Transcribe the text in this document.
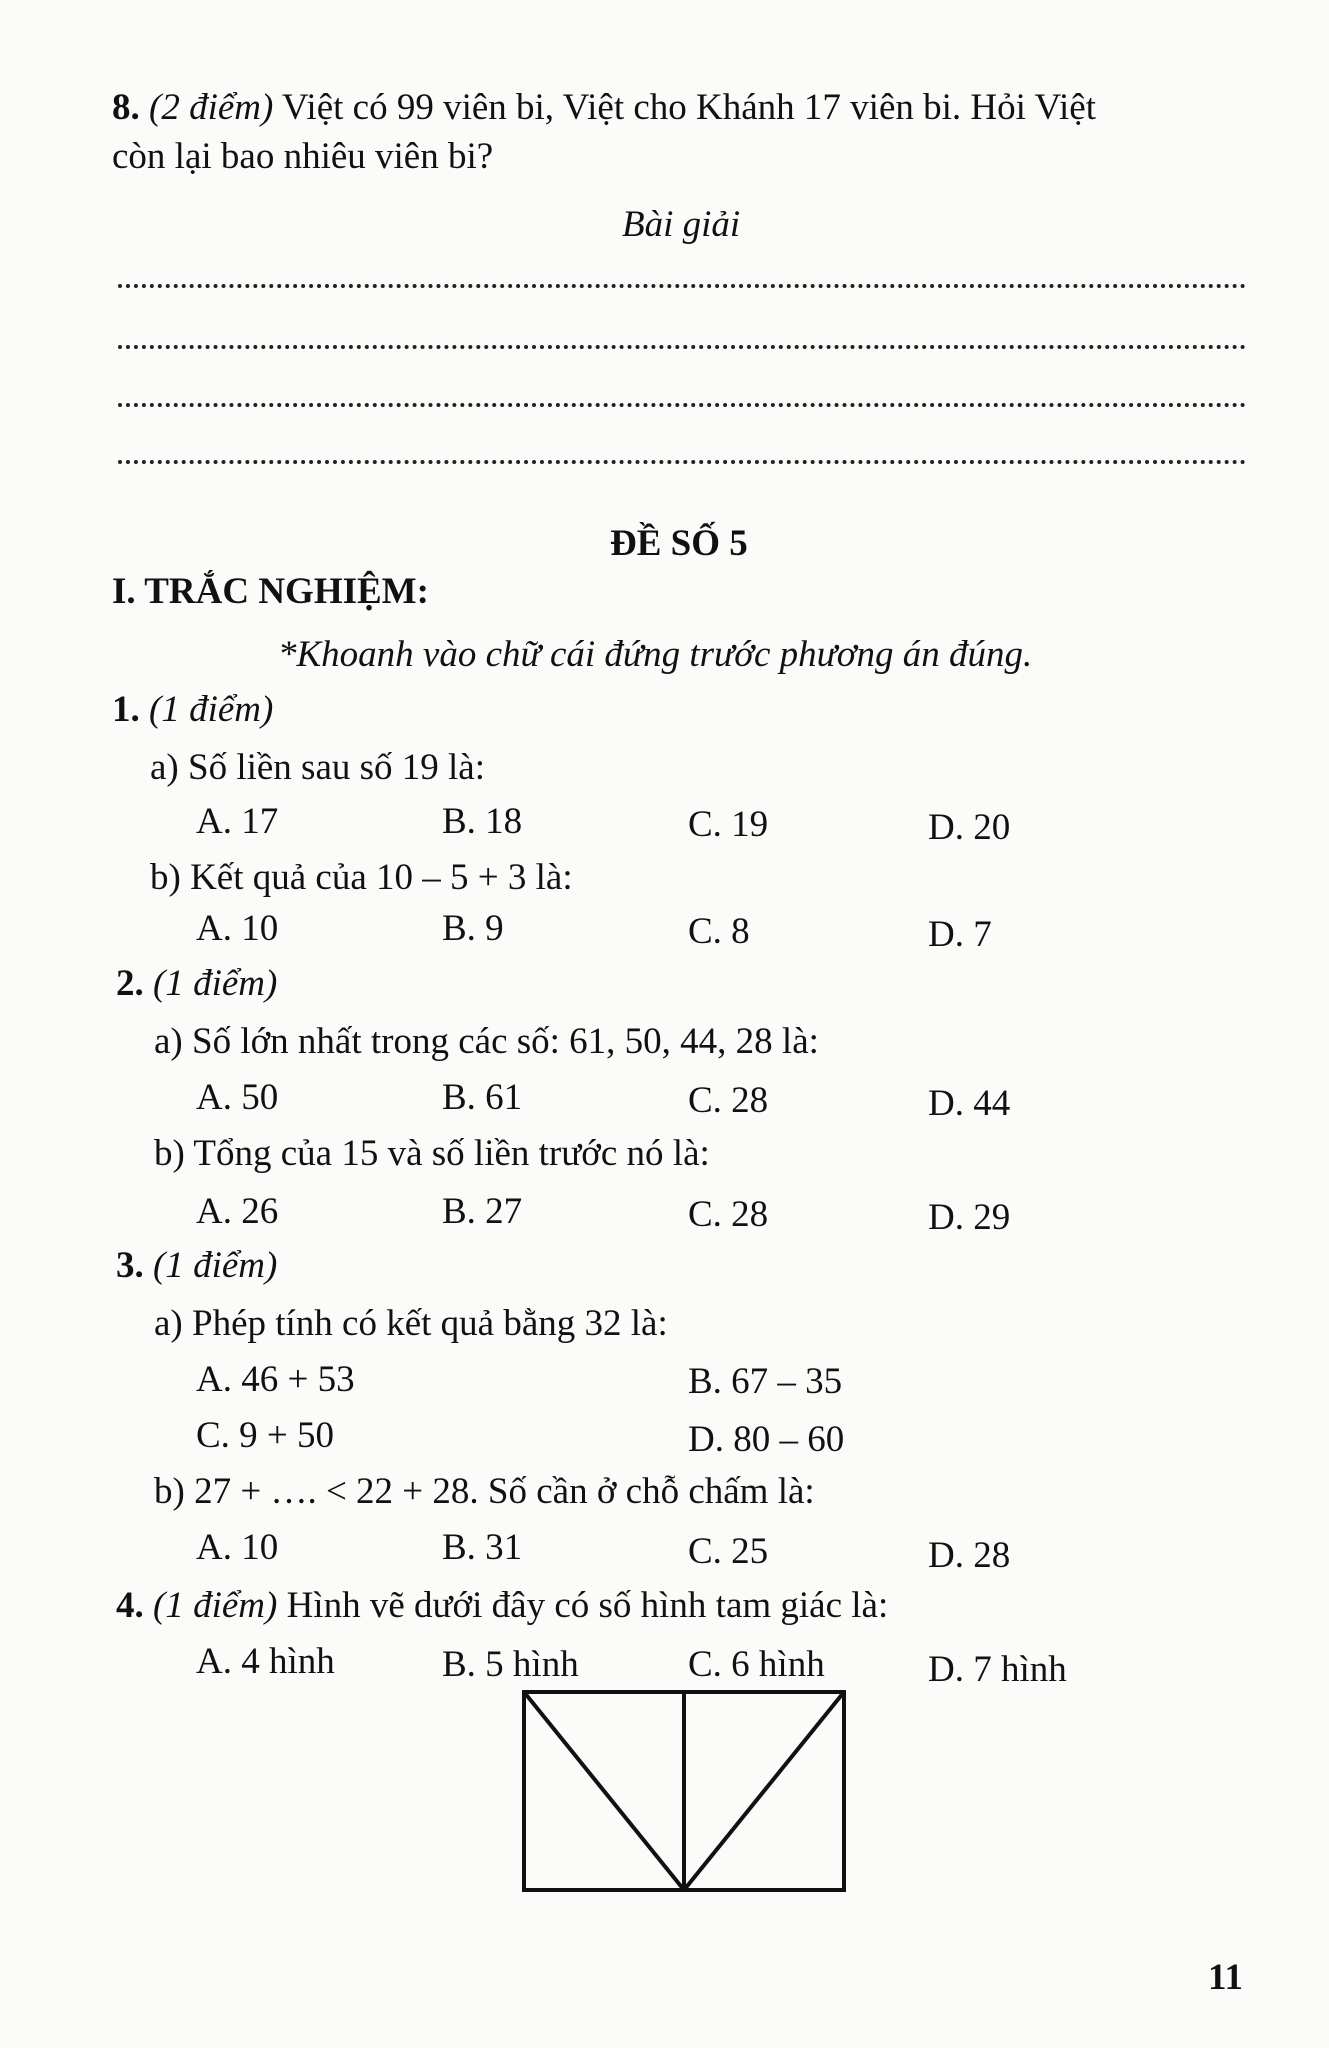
8. (2 điểm) Việt có 99 viên bi, Việt cho Khánh 17 viên bi. Hỏi Việt
còn lại bao nhiêu viên bi?
Bài giải
ĐỀ SỐ 5
I. TRẮC NGHIỆM:
*Khoanh vào chữ cái đứng trước phương án đúng.
1. (1 điểm)
a) Số liền sau số 19 là:
A. 17	B. 18	C. 19	D. 20
b) Kết quả của 10 – 5 + 3 là:
A. 10	B. 9	C. 8	D. 7
2. (1 điểm)
a) Số lớn nhất trong các số: 61, 50, 44, 28 là:
A. 50	B. 61	C. 28	D. 44
b) Tổng của 15 và số liền trước nó là:
A. 26	B. 27	C. 28	D. 29
3. (1 điểm)
a) Phép tính có kết quả bằng 32 là:
A. 46 + 53	B. 67 – 35
C. 9 + 50	D. 80 – 60
b) 27 + …. < 22 + 28. Số cần ở chỗ chấm là:
A. 10	B. 31	C. 25	D. 28
4. (1 điểm) Hình vẽ dưới đây có số hình tam giác là:
A. 4 hình	B. 5 hình	C. 6 hình	D. 7 hình
11
